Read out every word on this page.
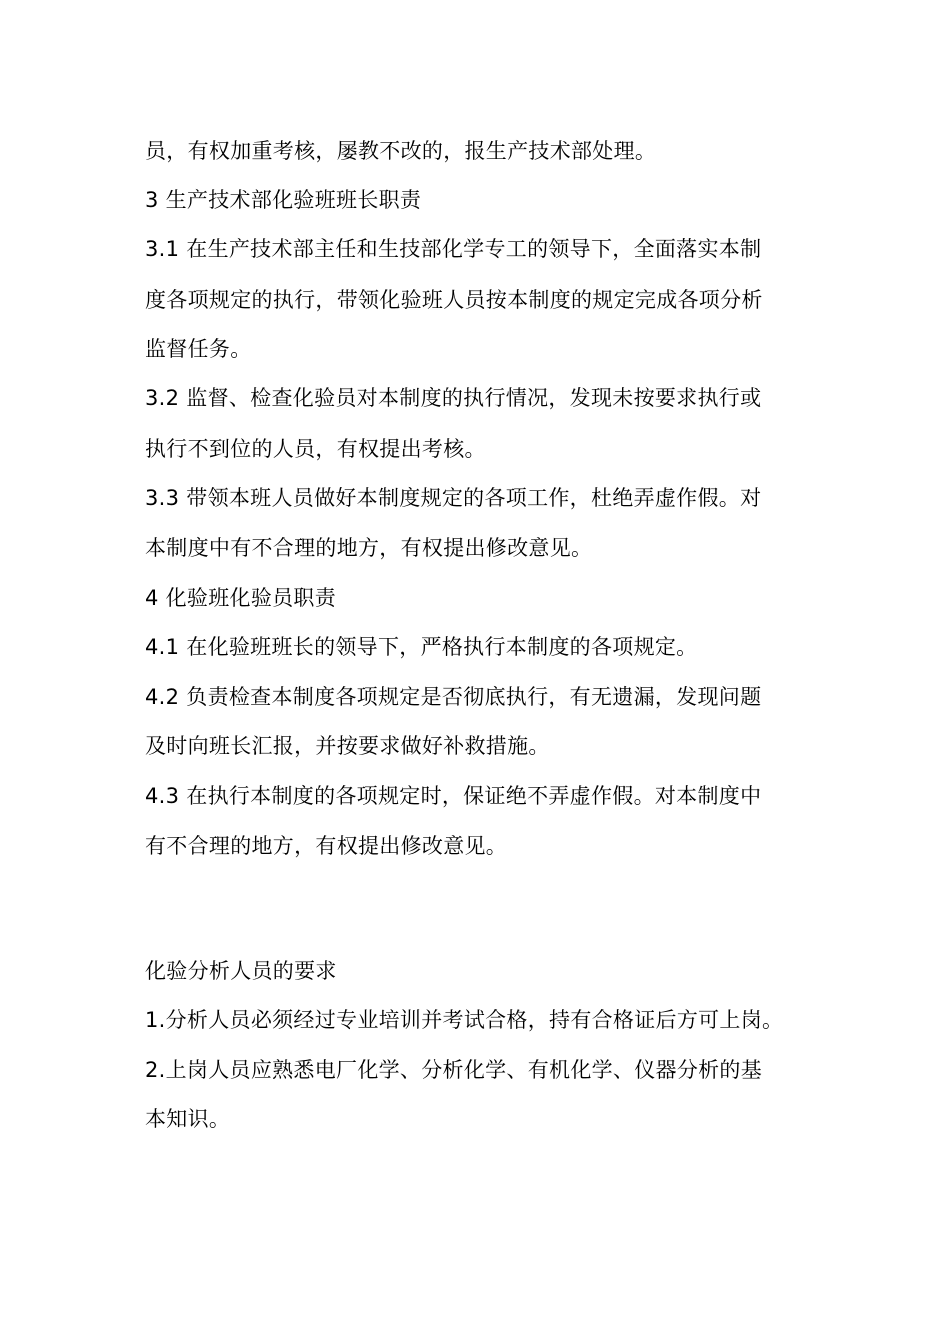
员，有权加重考核，屡教不改的，报生产技术部处理。
3 生产技术部化验班班长职责
3.1 在生产技术部主任和生技部化学专工的领导下，全面落实本制
度各项规定的执行，带领化验班人员按本制度的规定完成各项分析
监督任务。
3.2 监督、检查化验员对本制度的执行情况，发现未按要求执行或
执行不到位的人员，有权提出考核。
3.3 带领本班人员做好本制度规定的各项工作，杜绝弄虚作假。对
本制度中有不合理的地方，有权提出修改意见。
4 化验班化验员职责
4.1 在化验班班长的领导下，严格执行本制度的各项规定。
4.2 负责检查本制度各项规定是否彻底执行，有无遗漏，发现问题
及时向班长汇报，并按要求做好补救措施。
4.3 在执行本制度的各项规定时，保证绝不弄虚作假。对本制度中
有不合理的地方，有权提出修改意见。
化验分析人员的要求
1.分析人员必须经过专业培训并考试合格，持有合格证后方可上岗。
2.上岗人员应熟悉电厂化学、分析化学、有机化学、仪器分析的基
本知识。
